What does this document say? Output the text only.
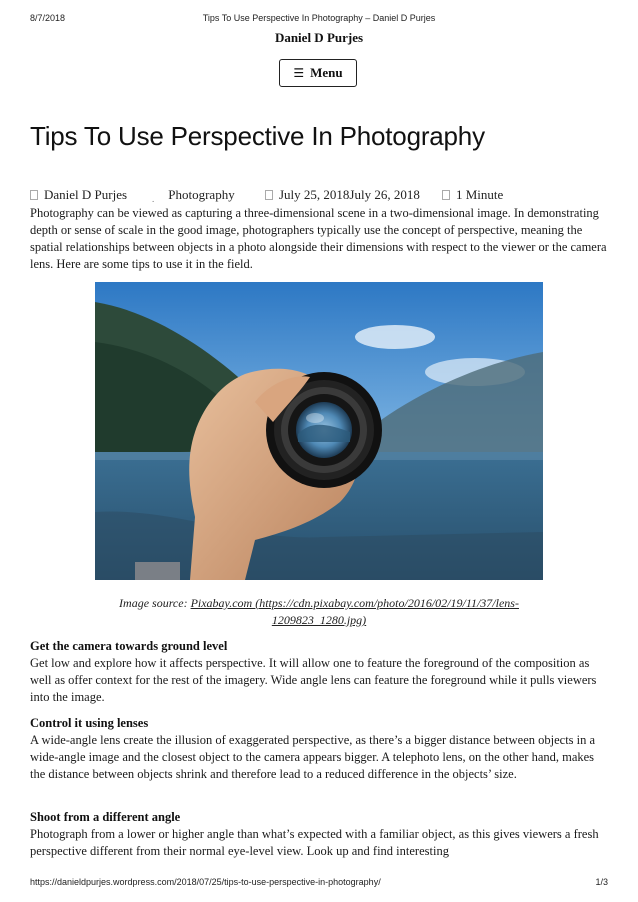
8/7/2018	Tips To Use Perspective In Photography – Daniel D Purjes
Daniel D Purjes
☰ Menu
Tips To Use Perspective In Photography
Daniel D Purjes	. Photography	July 25, 2018July 26, 2018	1 Minute

Photography can be viewed as capturing a three-dimensional scene in a two-dimensional image. In demonstrating depth or sense of scale in the good image, photographers typically use the concept of perspective, meaning the spatial relationships between objects in a photo alongside their dimensions with respect to the viewer or the camera lens. Here are some tips to use it in the field.

Image source: Pixabay.com (https://cdn.pixabay.com/photo/2016/02/19/11/37/lens-1209823_1280.jpg)
Get the camera towards ground level

Get low and explore how it affects perspective. It will allow one to feature the foreground of the composition as well as offer context for the rest of the imagery. Wide angle lens can feature the foreground while it pulls viewers into the image.

Control it using lenses

A wide-angle lens create the illusion of exaggerated perspective, as there’s a bigger distance between objects in a wide-angle image and the closest object to the camera appears bigger. A telephoto lens, on the other hand, makes the distance between objects shrink and therefore lead to a reduced difference in the objects’ size.

Shoot from a different angle

Photograph from a lower or higher angle than what’s expected with a familiar object, as this gives viewers a fresh perspective different from their normal eye-level view. Look up and find interesting

https://danieldpurjes.wordpress.com/2018/07/25/tips-to-use-perspective-in-photography/	1/3
